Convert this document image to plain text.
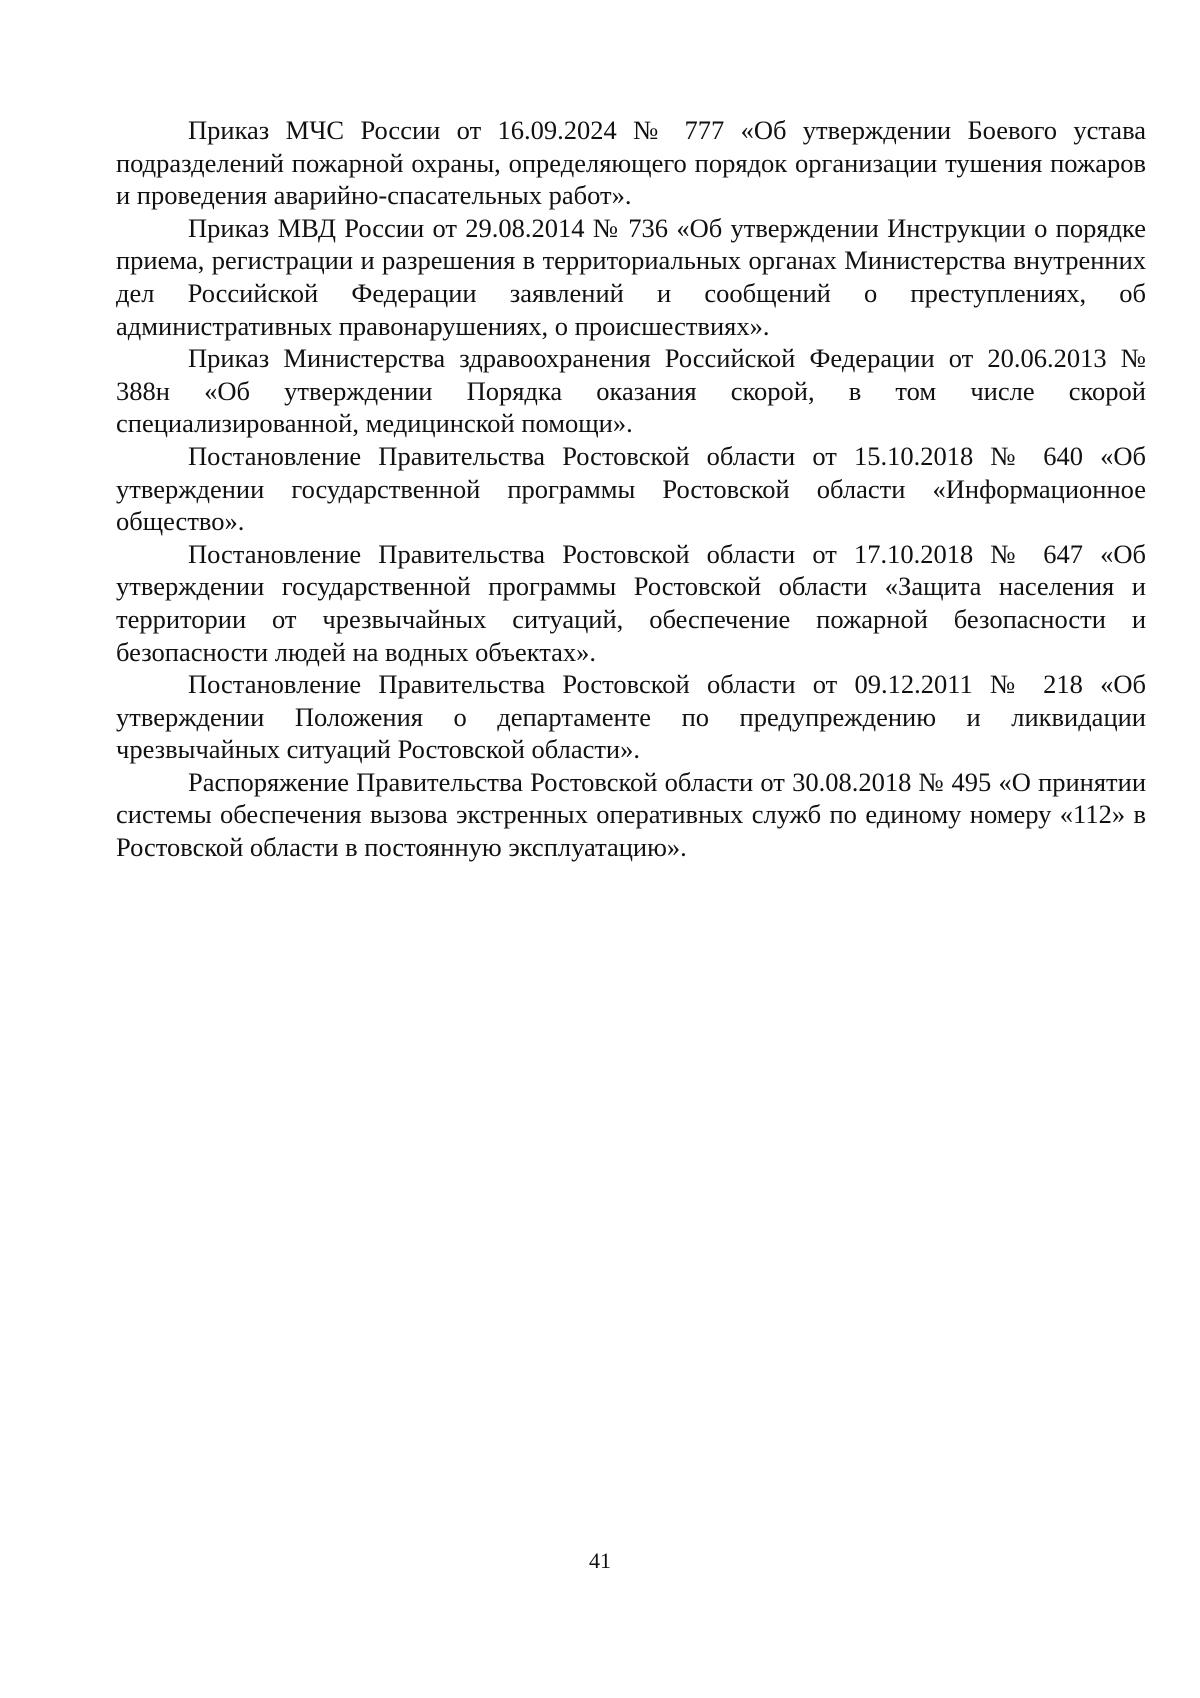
Приказ МЧС России от 16.09.2024 № 777 «Об утверждении Боевого устава подразделений пожарной охраны, определяющего порядок организации тушения пожаров и проведения аварийно-спасательных работ».

Приказ МВД России от 29.08.2014 № 736 «Об утверждении Инструкции о порядке приема, регистрации и разрешения в территориальных органах Министерства внутренних дел Российской Федерации заявлений и сообщений о преступлениях, об административных правонарушениях, о происшествиях».

Приказ Министерства здравоохранения Российской Федерации от 20.06.2013 № 388н «Об утверждении Порядка оказания скорой, в том числе скорой специализированной, медицинской помощи».

Постановление Правительства Ростовской области от 15.10.2018 № 640 «Об утверждении государственной программы Ростовской области «Информационное общество».

Постановление Правительства Ростовской области от 17.10.2018 № 647 «Об утверждении государственной программы Ростовской области «Защита населения и территории от чрезвычайных ситуаций, обеспечение пожарной безопасности и безопасности людей на водных объектах».

Постановление Правительства Ростовской области от 09.12.2011 № 218 «Об утверждении Положения о департаменте по предупреждению и ликвидации чрезвычайных ситуаций Ростовской области».

Распоряжение Правительства Ростовской области от 30.08.2018 № 495 «О принятии системы обеспечения вызова экстренных оперативных служб по единому номеру «112» в Ростовской области в постоянную эксплуатацию».

41
